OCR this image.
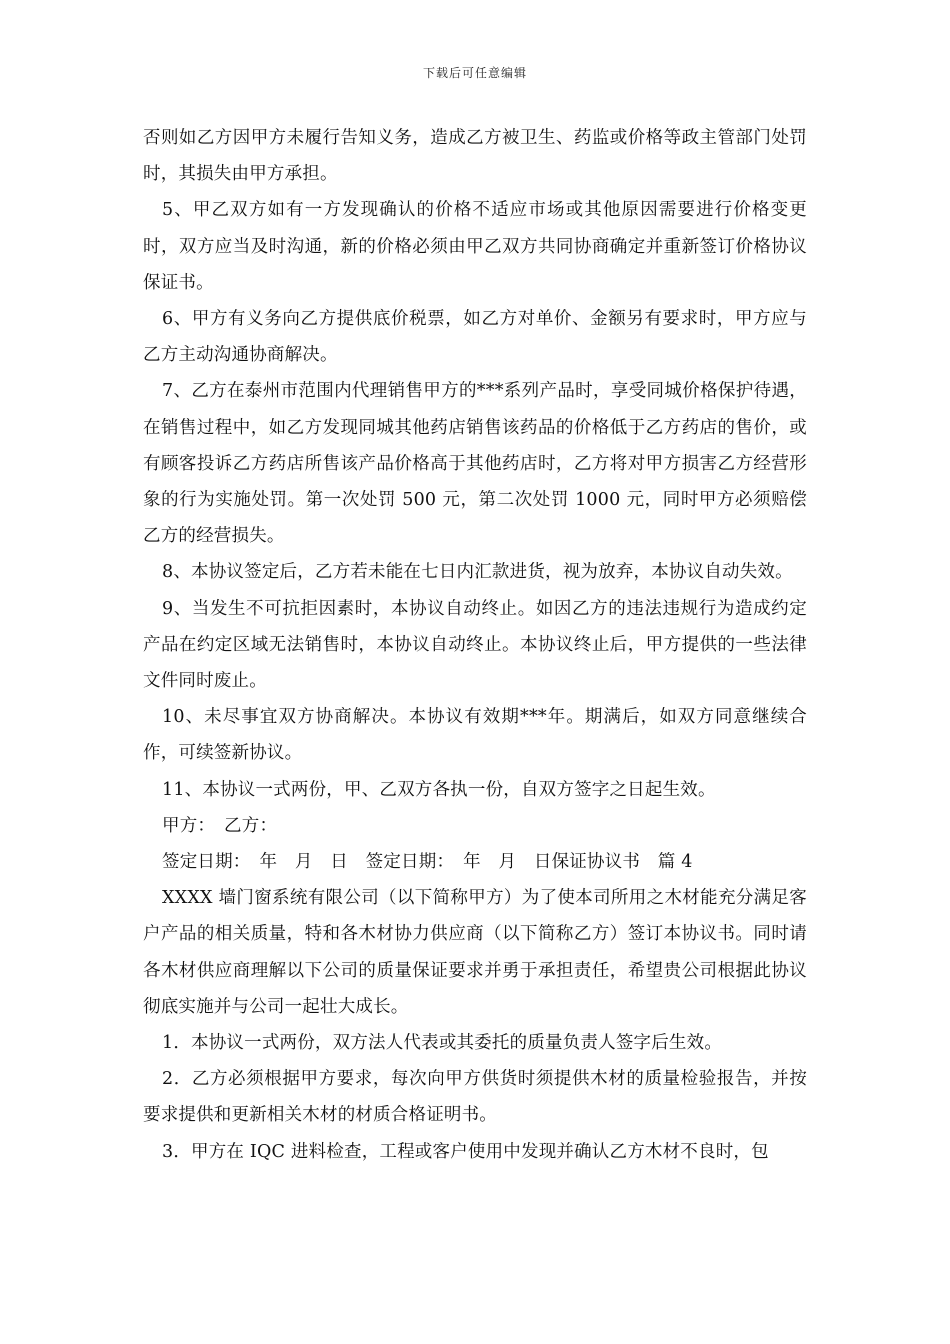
下载后可任意编辑

否则如乙方因甲方未履行告知义务，造成乙方被卫生、药监或价格等政主管部门处罚时，其损失由甲方承担。

5、甲乙双方如有一方发现确认的价格不适应市场或其他原因需要进行价格变更时，双方应当及时沟通，新的价格必须由甲乙双方共同协商确定并重新签订价格协议保证书。

6、甲方有义务向乙方提供底价税票，如乙方对单价、金额另有要求时，甲方应与乙方主动沟通协商解决。

7、乙方在泰州市范围内代理销售甲方的***系列产品时，享受同城价格保护待遇，在销售过程中，如乙方发现同城其他药店销售该药品的价格低于乙方药店的售价，或有顾客投诉乙方药店所售该产品价格高于其他药店时，乙方将对甲方损害乙方经营形象的行为实施处罚。第一次处罚 500 元，第二次处罚 1000 元，同时甲方必须赔偿乙方的经营损失。

8、本协议签定后，乙方若未能在七日内汇款进货，视为放弃，本协议自动失效。

9、当发生不可抗拒因素时，本协议自动终止。如因乙方的违法违规行为造成约定产品在约定区域无法销售时，本协议自动终止。本协议终止后，甲方提供的一些法律文件同时废止。

10、未尽事宜双方协商解决。本协议有效期***年。期满后，如双方同意继续合作，可续签新协议。

11、本协议一式两份，甲、乙双方各执一份，自双方签字之日起生效。

甲方：　乙方：

签定日期：　年　月　日　签定日期：　年　月　日保证协议书　篇 4

XXXX 墙门窗系统有限公司（以下简称甲方）为了使本司所用之木材能充分满足客户产品的相关质量，特和各木材协力供应商（以下简称乙方）签订本协议书。同时请各木材供应商理解以下公司的质量保证要求并勇于承担责任，希望贵公司根据此协议彻底实施并与公司一起壮大成长。

1．本协议一式两份，双方法人代表或其委托的质量负责人签字后生效。

2．乙方必须根据甲方要求，每次向甲方供货时须提供木材的质量检验报告，并按要求提供和更新相关木材的材质合格证明书。

3．甲方在 IQC 进料检查，工程或客户使用中发现并确认乙方木材不良时，包
